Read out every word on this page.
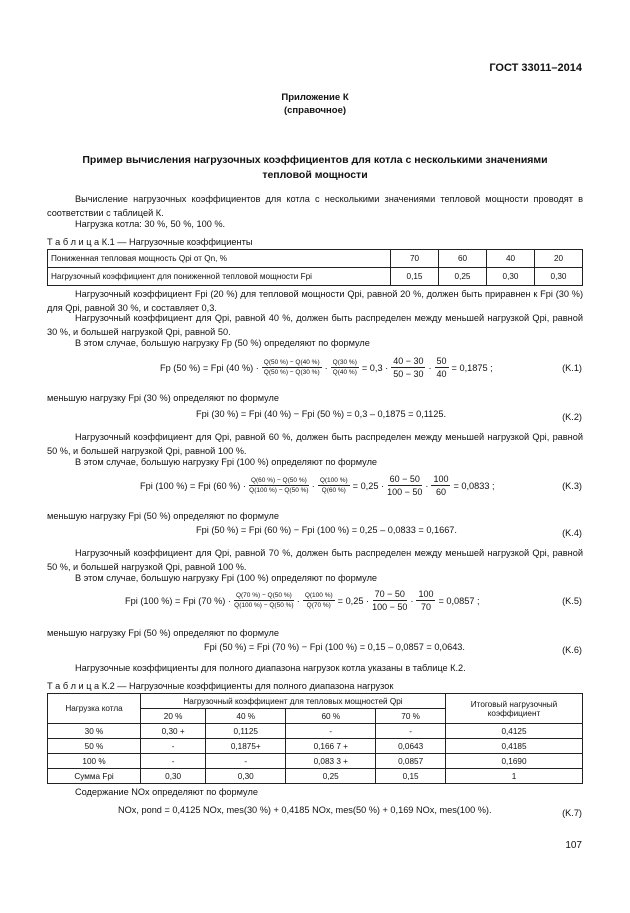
ГОСТ 33011–2014
Приложение К
(справочное)
Пример вычисления нагрузочных коэффициентов для котла с несколькими значениями тепловой мощности
Вычисление нагрузочных коэффициентов для котла с несколькими значениями тепловой мощности проводят в соответствии с таблицей К.
Нагрузка котла: 30 %, 50 %, 100 %.
Т а б л и ц а К.1 — Нагрузочные коэффициенты
Пониженная тепловая мощность Qpi от Qn, %	70	60	40	20
Нагрузочный коэффициент для пониженной тепловой мощности Fpi	0,15	0,25	0,30	0,30
Нагрузочный коэффициент Fpi (20 %) для тепловой мощности Qpi, равной 20 %, должен быть приравнен к Fpi (30 %) для Qpi, равной 30 %, и составляет 0,3.
Нагрузочный коэффициент для Qpi, равной 40 %, должен быть распределен между меньшей нагрузкой Qpi, равной 30 %, и большей нагрузкой Qpi, равной 50.
В этом случае, большую нагрузку Fp (50 %) определяют по формуле
Fp (50 %) = Fpi (40 %) · $\frac{Q(50 \%) - Q(40 \%)}{Q(50 \%) - Q(30 \%)} \cdot \frac{Q(30 \%)}{Q(40 \%)} = 0,3 \cdot \frac{40 - 30}{50 - 30} \cdot \frac{50}{40} = 0,1875$ ;	(K.1)
меньшую нагрузку Fpi (30 %) определяют по формуле
Fpi (30 %) = Fpi (40 %) − Fpi (50 %) = 0,3 – 0,1875 = 0,1125.	(K.2)
Нагрузочный коэффициент для Qpi, равной 60 %, должен быть распределен между меньшей нагрузкой Qpi, равной 50 %, и большей нагрузкой Qpi, равной 100 %.
В этом случае, большую нагрузку Fpi (100 %) определяют по формуле
Fpi (100 %) = Fpi (60 %) · $\frac{Q(60 \%) - Q(50 \%)}{Q(100 \%) - Q(50 \%)} \cdot \frac{Q(100 \%)}{Q(60 \%)} = 0,25 \cdot \frac{60 - 50}{100 - 50} \cdot \frac{100}{60} = 0,0833$ ;	(K.3)
меньшую нагрузку Fpi (50 %) определяют по формуле
Fpi (50 %) = Fpi (60 %) − Fpi (100 %) = 0,25 – 0,0833 = 0,1667.	(K.4)
Нагрузочный коэффициент для Qpi, равной 70 %, должен быть распределен между меньшей нагрузкой Qpi, равной 50 %, и большей нагрузкой Qpi, равной 100 %.
В этом случае, большую нагрузку Fpi (100 %) определяют по формуле
Fpi (100 %) = Fpi (70 %) · $\frac{Q(70 \%) - Q(50 \%)}{Q(100 \%) - Q(50 \%)} \cdot \frac{Q(100 \%)}{Q(70 \%)} = 0,25 \cdot \frac{70 - 50}{100 - 50} \cdot \frac{100}{70} = 0,0857$ ;	(K.5)
меньшую нагрузку Fpi (50 %) определяют по формуле
Fpi (50 %) = Fpi (70 %) − Fpi (100 %) = 0,15 – 0,0857 = 0,0643.	(K.6)
Нагрузочные коэффициенты для полного диапазона нагрузок котла указаны в таблице К.2.
Т а б л и ц а К.2 — Нагрузочные коэффициенты для полного диапазона нагрузок
Нагрузка котла	Нагрузочный коэффициент для тепловых мощностей Qpi				Итоговый нагрузочный коэффициент
	20 %	40 %	60 %	70 %	
30 %	0,30 +	0,1125	-	-	0,4125
50 %	-	0,1875+	0,166 7 +	0,0643	0,4185
100 %	-	-	0,083 3 +	0,0857	0,1690
Сумма Fpi	0,30	0,30	0,25	0,15	1
Содержание NOx определяют по формуле
NOx, pond = 0,4125 NOx, mes(30 %) + 0,4185 NOx, mes(50 %) + 0,169 NOx, mes(100 %).	(K.7)
107
